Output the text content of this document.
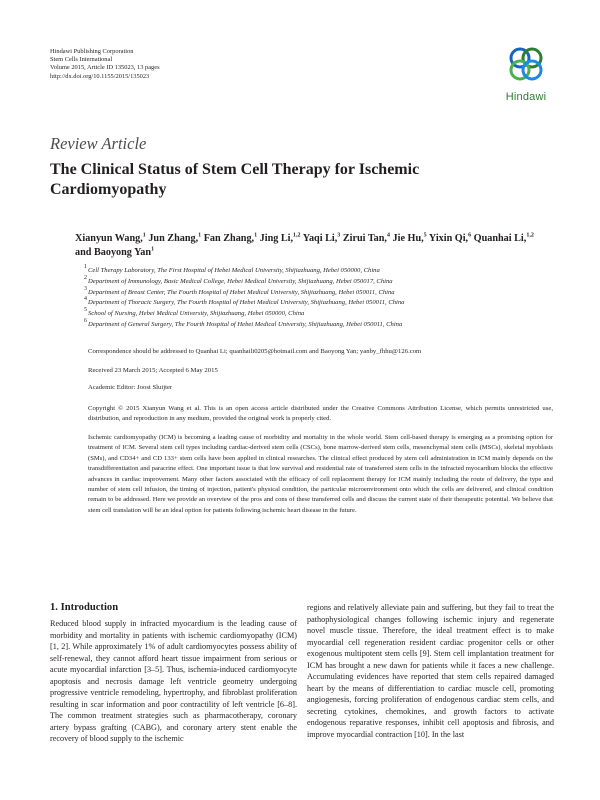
Hindawi Publishing Corporation
Stem Cells International
Volume 2015, Article ID 135023, 13 pages
http://dx.doi.org/10.1155/2015/135023
Hindawi
Review Article
The Clinical Status of Stem Cell Therapy for Ischemic Cardiomyopathy
Xianyun Wang,$^1$ Jun Zhang,$^1$ Fan Zhang,$^1$ Jing Li,$^{1,2}$ Yaqi Li,$^3$ Zirui Tan,$^4$ Jie Hu,$^5$ Yixin Qi,$^6$ Quanhai Li,$^{1,2}$ and Baoyong Yan$^1$
1 Cell Therapy Laboratory, The First Hospital of Hebei Medical University, Shijiazhuang, Hebei 050000, China
2 Department of Immunology, Basic Medical College, Hebei Medical University, Shijiazhuang, Hebei 050017, China
3 Department of Breast Center, The Fourth Hospital of Hebei Medical University, Shijiazhuang, Hebei 050011, China
4 Department of Thoracic Surgery, The Fourth Hospital of Hebei Medical University, Shijiazhuang, Hebei 050011, China
5 School of Nursing, Hebei Medical University, Shijiazhuang, Hebei 050000, China
6 Department of General Surgery, The Fourth Hospital of Hebei Medical University, Shijiazhuang, Hebei 050011, China
Correspondence should be addressed to Quanhai Li; quanhaili0205@hotmail.com and Baoyong Yan; yanby_fhhu@126.com
Received 23 March 2015; Accepted 6 May 2015
Academic Editor: Joost Sluijter
Copyright © 2015 Xianyun Wang et al. This is an open access article distributed under the Creative Commons Attribution License, which permits unrestricted use, distribution, and reproduction in any medium, provided the original work is properly cited.
Ischemic cardiomyopathy (ICM) is becoming a leading cause of morbidity and mortality in the whole world. Stem cell-based therapy is emerging as a promising option for treatment of ICM. Several stem cell types including cardiac-derived stem cells (CSCs), bone marrow-derived stem cells, mesenchymal stem cells (MSCs), skeletal myoblasts (SMs), and CD34+ and CD 133+ stem cells have been applied in clinical researches. The clinical effect produced by stem cell administration in ICM mainly depends on the transdifferentiation and paracrine effect. One important issue is that low survival and residential rate of transferred stem cells in the infracted myocardium blocks the effective advances in cardiac improvement. Many other factors associated with the efficacy of cell replacement therapy for ICM mainly including the route of delivery, the type and number of stem cell infusion, the timing of injection, patient's physical condition, the particular microenvironment onto which the cells are delivered, and clinical condition remain to be addressed. Here we provide an overview of the pros and cons of these transferred cells and discuss the current state of their therapeutic potential. We believe that stem cell translation will be an ideal option for patients following ischemic heart disease in the future.
1. Introduction

Reduced blood supply in infracted myocardium is the leading cause of morbidity and mortality in patients with ischemic cardiomyopathy (ICM) [1, 2]. While approximately 1% of adult cardiomyocytes possess ability of self-renewal, they cannot afford heart tissue impairment from serious or acute myocardial infarction [3–5]. Thus, ischemia-induced cardiomyocyte apoptosis and necrosis damage left ventricle geometry undergoing progressive ventricle remodeling, hypertrophy, and fibroblast proliferation resulting in scar information and poor contractility of left ventricle [6–8]. The common treatment strategies such as pharmacotherapy, coronary artery bypass grafting (CABG), and coronary artery stent enable the recovery of blood supply to the ischemic

regions and relatively alleviate pain and suffering, but they fail to treat the pathophysiological changes following ischemic injury and regenerate novel muscle tissue. Therefore, the ideal treatment effect is to make myocardial cell regeneration resident cardiac progenitor cells or other exogenous multipotent stem cells [9]. Stem cell implantation treatment for ICM has brought a new dawn for patients while it faces a new challenge. Accumulating evidences have reported that stem cells repaired damaged heart by the means of differentiation to cardiac muscle cell, promoting angiogenesis, forcing proliferation of endogenous cardiac stem cells, and secreting cytokines, chemokines, and growth factors to activate endogenous reparative responses, inhibit cell apoptosis and fibrosis, and improve myocardial contraction [10]. In the last
